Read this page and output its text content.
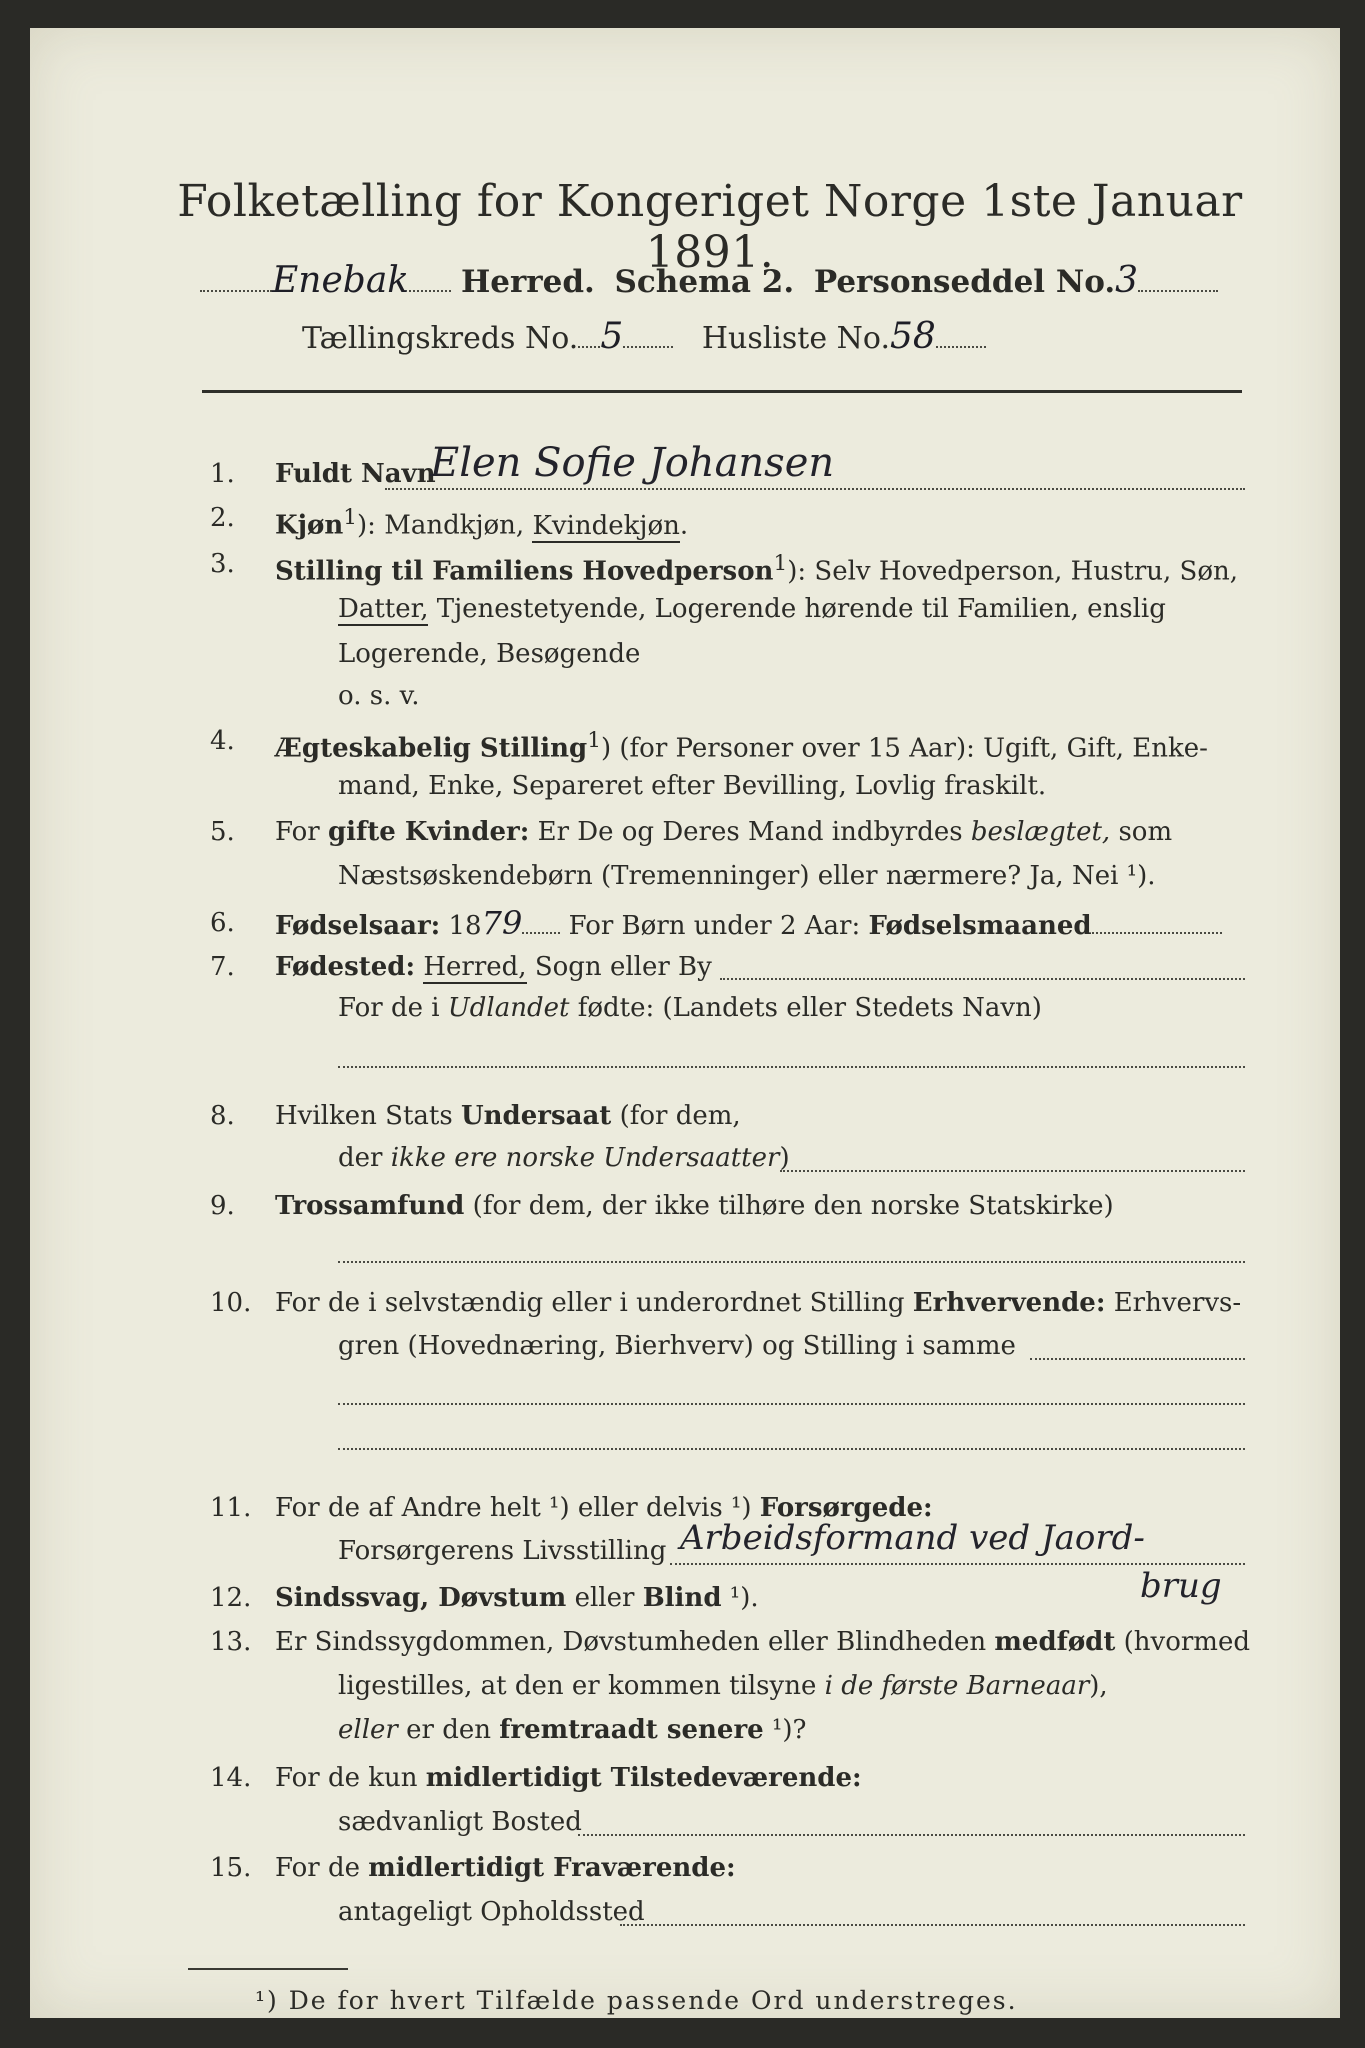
Folketælling for Kongeriget Norge 1ste Januar 1891.
Enebak Herred. Schema 2. Personseddel No.3
Tællingskreds No. 5	Husliste No.58
1.	Fuldt Navn
Elen Sofie Johansen
2.	Kjøn$^1$): Mandkjøn, Kvindekjøn.
3.	Stilling til Familiens Hovedperson$^1$): Selv Hovedperson, Hustru, Søn,
Datter, Tjenestetyende, Logerende hørende til Familien, enslig
Logerende, Besøgende
o. s. v.
4.	Ægteskabelig Stilling$^1$) (for Personer over 15 Aar): Ugift, Gift, Enke-
mand, Enke, Separeret efter Bevilling, Lovlig fraskilt.
5.	For gifte Kvinder: Er De og Deres Mand indbyrdes beslægtet, som
Næstsøskendebørn (Tremenninger) eller nærmere? Ja, Nei ¹).
6.	Fødselsaar: 1879 For Børn under 2 Aar: Fødselsmaaned
7.	Fødested: Herred, Sogn eller By
For de i Udlandet fødte: (Landets eller Stedets Navn)
8.	Hvilken Stats Undersaat (for dem,
der ikke ere norske Undersaatter)
9.	Trossamfund (for dem, der ikke tilhøre den norske Statskirke)
10. For de i selvstændig eller i underordnet Stilling Erhvervende: Erhvervs-
gren (Hovednæring, Bierhverv) og Stilling i samme
11. For de af Andre helt ¹) eller delvis ¹) Forsørgede:
Forsørgerens Livsstilling Arbeidsformand ved Jaord-
brug
12. Sindssvag, Døvstum eller Blind ¹).
13. Er Sindssygdommen, Døvstumheden eller Blindheden medfødt (hvormed
ligestilles, at den er kommen tilsyne i de første Barneaar),
eller er den fremtraadt senere ¹)?
14. For de kun midlertidigt Tilstedeværende:
sædvanligt Bosted
15. For de midlertidigt Fraværende:
antageligt Opholdssted
¹) De for hvert Tilfælde passende Ord understreges.
